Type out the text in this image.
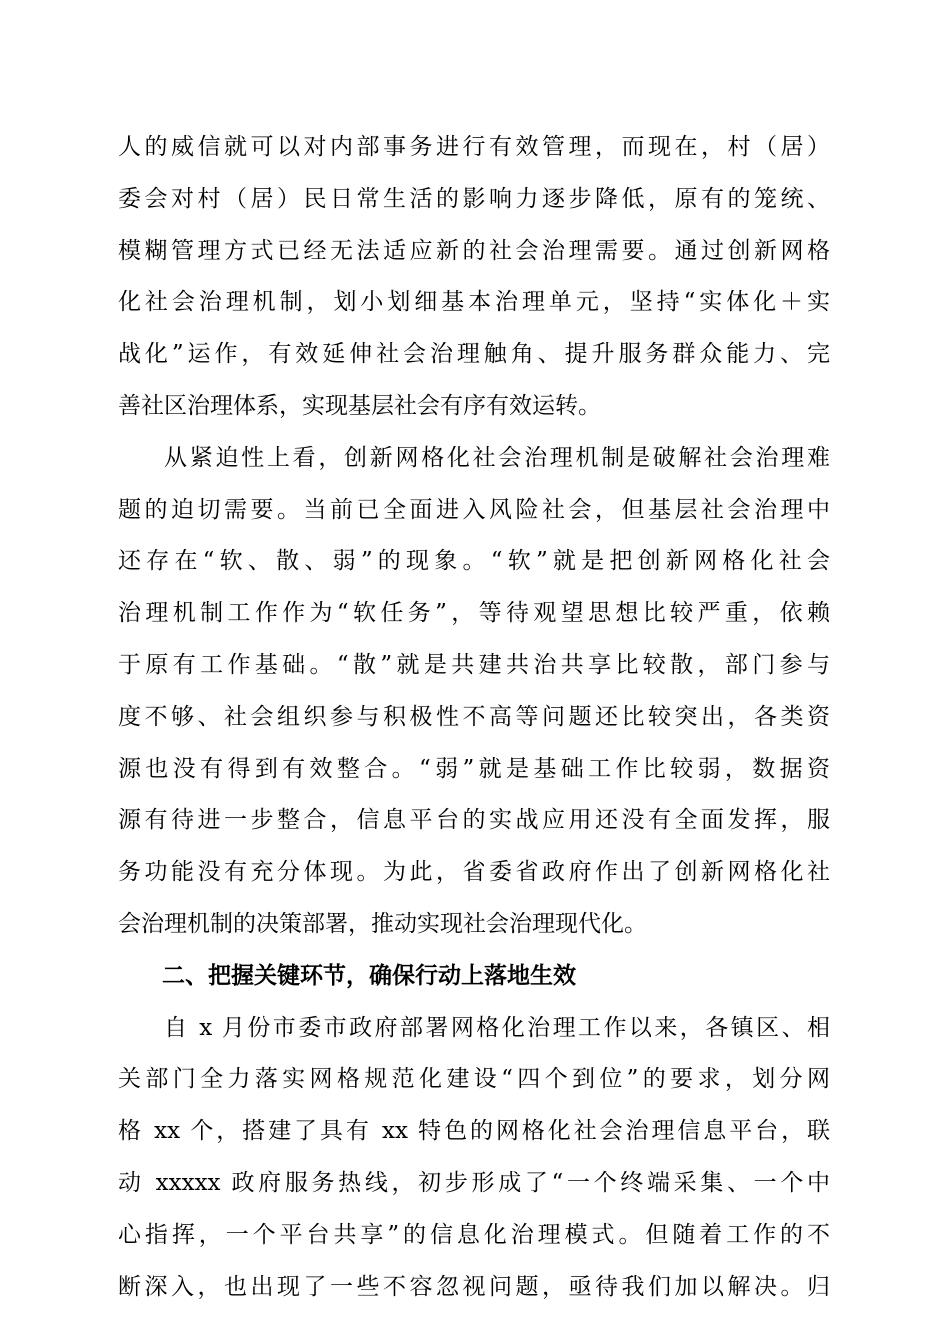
人的威信就可以对内部事务进行有效管理，而现在，村（居）
委会对村（居）民日常生活的影响力逐步降低，原有的笼统、
模糊管理方式已经无法适应新的社会治理需要。通过创新网格
化社会治理机制，划小划细基本治理单元，坚持“实体化＋实
战化”运作，有效延伸社会治理触角、提升服务群众能力、完
善社区治理体系，实现基层社会有序有效运转。
从紧迫性上看，创新网格化社会治理机制是破解社会治理难
题的迫切需要。当前已全面进入风险社会，但基层社会治理中
还存在“软、散、弱”的现象。“软”就是把创新网格化社会
治理机制工作作为“软任务”，等待观望思想比较严重，依赖
于原有工作基础。“散”就是共建共治共享比较散，部门参与
度不够、社会组织参与积极性不高等问题还比较突出，各类资
源也没有得到有效整合。“弱”就是基础工作比较弱，数据资
源有待进一步整合，信息平台的实战应用还没有全面发挥，服
务功能没有充分体现。为此，省委省政府作出了创新网格化社
会治理机制的决策部署，推动实现社会治理现代化。
二、把握关键环节，确保行动上落地生效
自 x 月份市委市政府部署网格化治理工作以来，各镇区、相
关部门全力落实网格规范化建设“四个到位”的要求，划分网
格 xx 个，搭建了具有 xx 特色的网格化社会治理信息平台，联
动 xxxxx 政府服务热线，初步形成了“一个终端采集、一个中
心指挥，一个平台共享”的信息化治理模式。但随着工作的不
断深入，也出现了一些不容忽视问题，亟待我们加以解决。归
